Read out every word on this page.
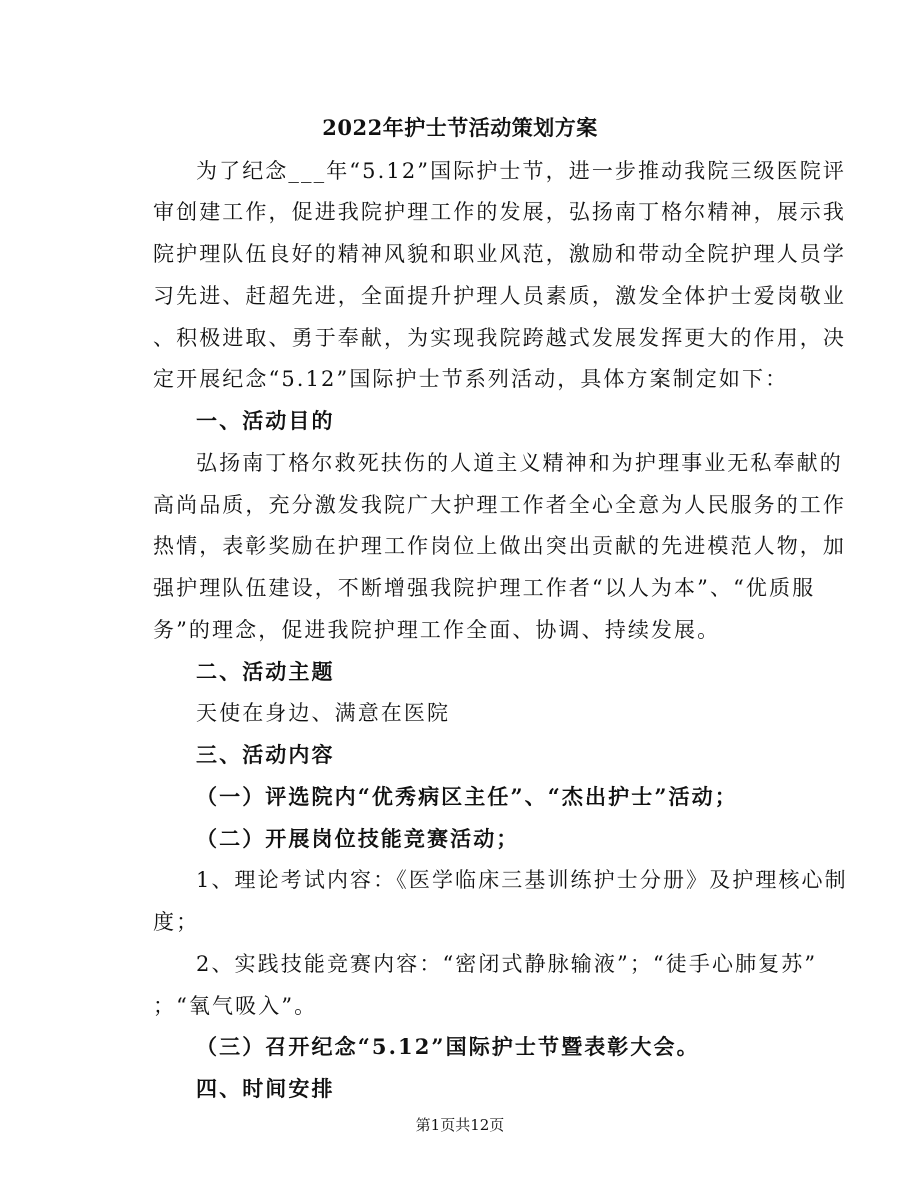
2022年护士节活动策划方案
为了纪念___年“5.12”国际护士节，进一步推动我院三级医院评
审创建工作，促进我院护理工作的发展，弘扬南丁格尔精神，展示我
院护理队伍良好的精神风貌和职业风范，激励和带动全院护理人员学
习先进、赶超先进，全面提升护理人员素质，激发全体护士爱岗敬业
、积极进取、勇于奉献，为实现我院跨越式发展发挥更大的作用，决
定开展纪念“5.12”国际护士节系列活动，具体方案制定如下：
一、活动目的
弘扬南丁格尔救死扶伤的人道主义精神和为护理事业无私奉献的
高尚品质，充分激发我院广大护理工作者全心全意为人民服务的工作
热情，表彰奖励在护理工作岗位上做出突出贡献的先进模范人物，加
强护理队伍建设，不断增强我院护理工作者“以人为本”、“优质服
务”的理念，促进我院护理工作全面、协调、持续发展。
二、活动主题
天使在身边、满意在医院
三、活动内容
（一）评选院内“优秀病区主任”、“杰出护士”活动；
（二）开展岗位技能竞赛活动；
1、理论考试内容：《医学临床三基训练护士分册》及护理核心制
度；
2、实践技能竞赛内容：“密闭式静脉输液”；“徒手心肺复苏”
；“氧气吸入”。
（三）召开纪念“5.12”国际护士节暨表彰大会。
四、时间安排
第1页共12页
